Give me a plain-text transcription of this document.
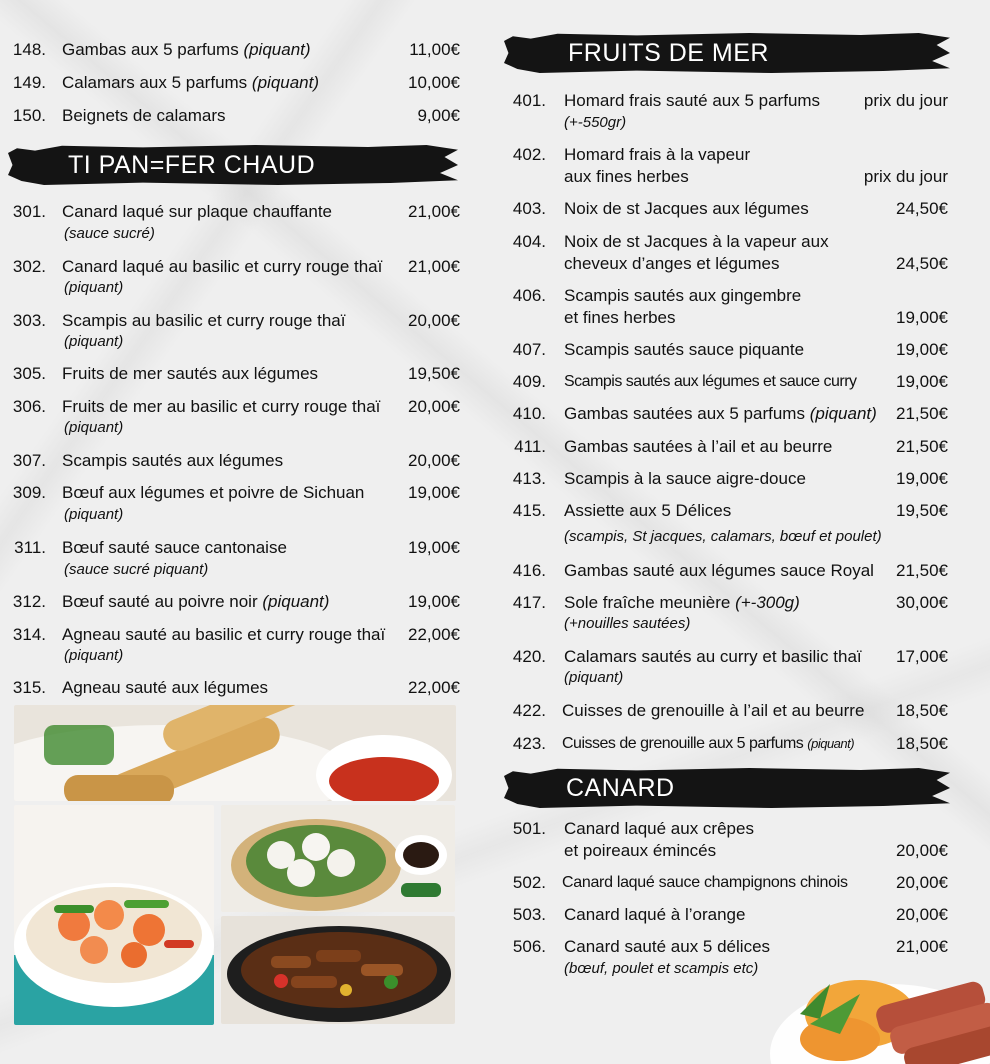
148. Gambas aux 5 parfums (piquant)	11,00€
149. Calamars aux 5 parfums (piquant)	10,00€
150. Beignets de calamars	9,00€
TI PAN=FER CHAUD
301. Canard laqué sur plaque chauffante	21,00€
(sauce sucré)
302. Canard laqué au basilic et curry rouge thaï 21,00€
(piquant)
303. Scampis au basilic et curry rouge thaï	20,00€
(piquant)
305. Fruits de mer sautés aux légumes	19,50€
306. Fruits de mer au basilic et curry rouge thaï 20,00€
(piquant)
307. Scampis sautés aux légumes	20,00€
309. Bœuf aux légumes et poivre de Sichuan	19,00€
(piquant)
311. Bœuf sauté sauce cantonaise	19,00€
(sauce sucré piquant)
312. Bœuf sauté au poivre noir (piquant)	19,00€
314. Agneau sauté au basilic et curry rouge thaï 22,00€
(piquant)
315. Agneau sauté aux légumes	22,00€
FRUITS DE MER
401. Homard frais sauté aux 5 parfums	prix du jour
(+-550gr)
402. Homard frais à la vapeur
aux fines herbes	prix du jour
403. Noix de st Jacques aux légumes	24,50€
404. Noix de st Jacques à la vapeur aux
cheveux d’anges et légumes	24,50€
406. Scampis sautés aux gingembre
et fines herbes	19,00€
407. Scampis sautés sauce piquante	19,00€
409. Scampis sautés aux légumes et sauce curry 19,00€
410. Gambas sautées aux 5 parfums (piquant) 21,50€
411. Gambas sautées à l’ail et au beurre	21,50€
413. Scampis à la sauce aigre-douce	19,00€
415. Assiette aux 5 Délices	19,50€
(scampis, St jacques, calamars, bœuf et poulet)
416. Gambas sauté aux légumes sauce Royal 21,50€
417. Sole fraîche meunière (+-300g)	30,00€
(+nouilles sautées)
420. Calamars sautés au curry et basilic thaï 17,00€
(piquant)
422. Cuisses de grenouille à l’ail et au beurre 18,50€
423. Cuisses de grenouille aux 5 parfums (piquant) 18,50€
CANARD
501. Canard laqué aux crêpes
et poireaux émincés	20,00€
502. Canard laqué sauce champignons chinois	20,00€
503. Canard laqué à l’orange	20,00€
506. Canard sauté aux 5 délices	21,00€
(bœuf, poulet et scampis etc)
